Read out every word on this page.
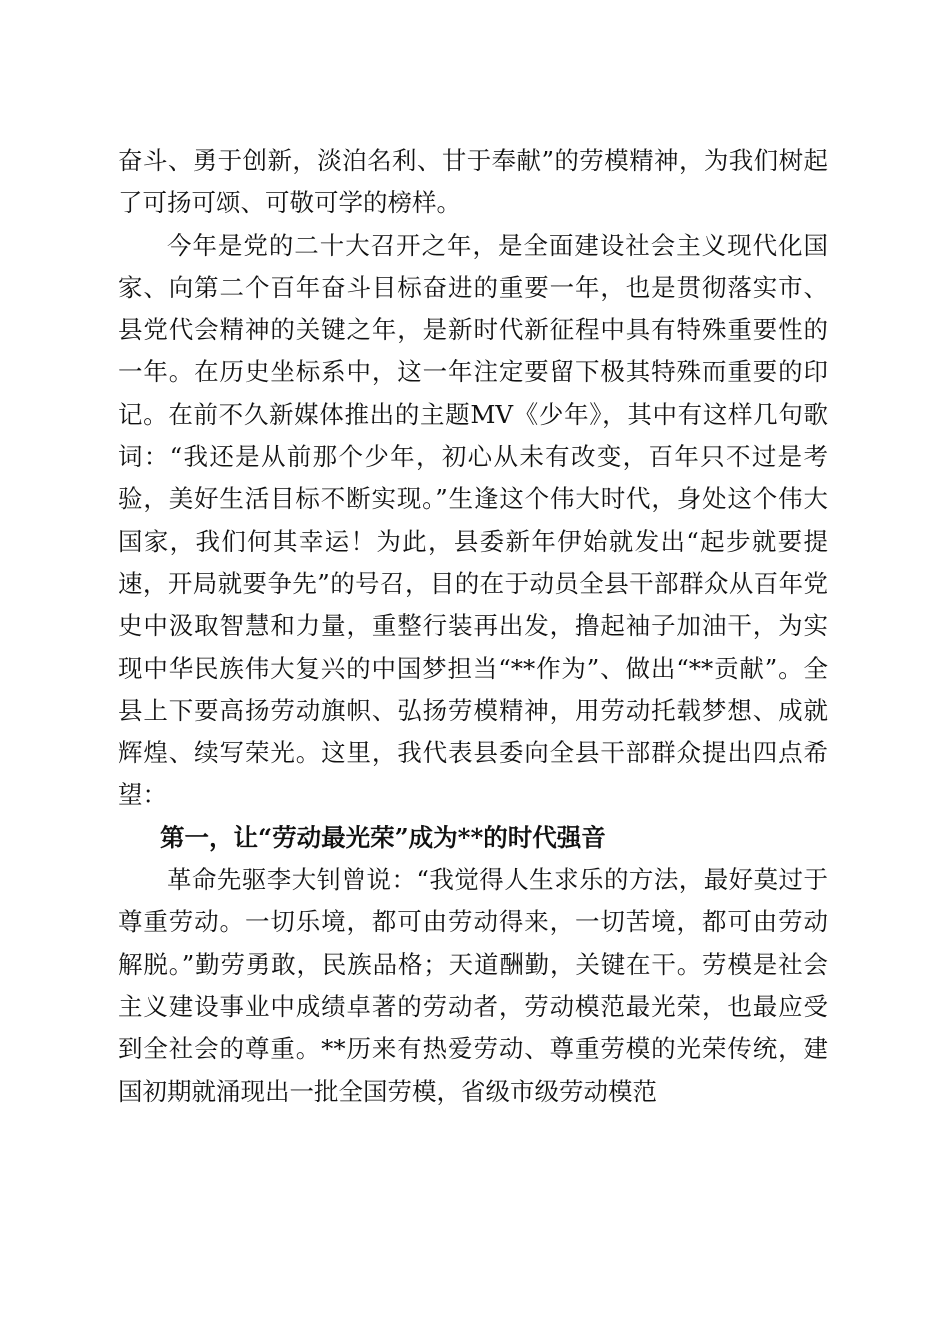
奋斗、勇于创新，淡泊名利、甘于奉献”的劳模精神，为我们树起了可扬可颂、可敬可学的榜样。

今年是党的二十大召开之年，是全面建设社会主义现代化国家、向第二个百年奋斗目标奋进的重要一年，也是贯彻落实市、县党代会精神的关键之年，是新时代新征程中具有特殊重要性的一年。在历史坐标系中，这一年注定要留下极其特殊而重要的印记。在前不久新媒体推出的主题MV《少年》，其中有这样几句歌词：“我还是从前那个少年，初心从未有改变，百年只不过是考验，美好生活目标不断实现。”生逢这个伟大时代，身处这个伟大国家，我们何其幸运！为此，县委新年伊始就发出“起步就要提速，开局就要争先”的号召，目的在于动员全县干部群众从百年党史中汲取智慧和力量，重整行装再出发，撸起袖子加油干，为实现中华民族伟大复兴的中国梦担当“**作为”、做出“**贡献”。全县上下要高扬劳动旗帜、弘扬劳模精神，用劳动托载梦想、成就辉煌、续写荣光。这里，我代表县委向全县干部群众提出四点希望：

第一，让“劳动最光荣”成为**的时代强音

革命先驱李大钊曾说：“我觉得人生求乐的方法，最好莫过于尊重劳动。一切乐境，都可由劳动得来，一切苦境，都可由劳动解脱。”勤劳勇敢，民族品格；天道酬勤，关键在干。劳模是社会主义建设事业中成绩卓著的劳动者，劳动模范最光荣，也最应受到全社会的尊重。**历来有热爱劳动、尊重劳模的光荣传统，建国初期就涌现出一批全国劳模，省级市级劳动模范
